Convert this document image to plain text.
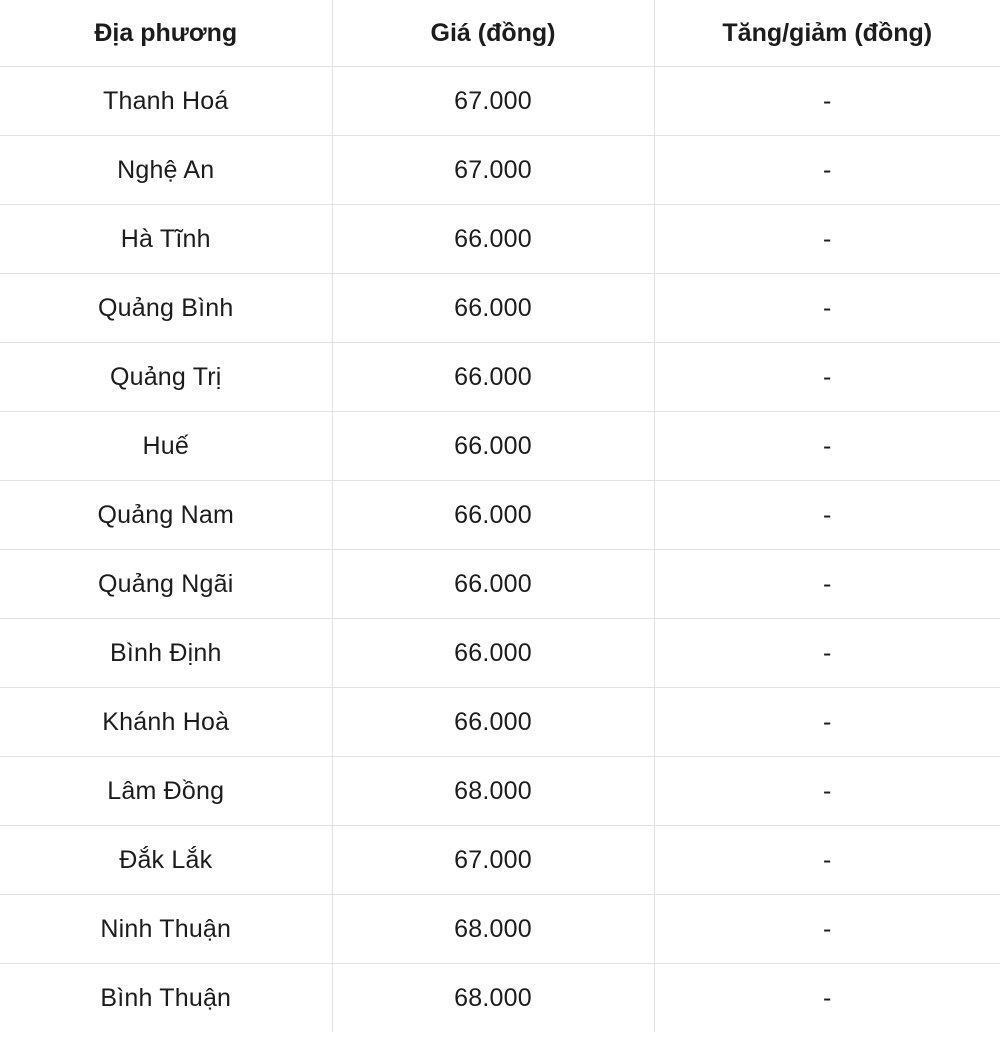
Địa phương	Giá (đồng)	Tăng/giảm (đồng)
Thanh Hoá	67.000	-
Nghệ An	67.000	-
Hà Tĩnh	66.000	-
Quảng Bình	66.000	-
Quảng Trị	66.000	-
Huế	66.000	-
Quảng Nam	66.000	-
Quảng Ngãi	66.000	-
Bình Định	66.000	-
Khánh Hoà	66.000	-
Lâm Đồng	68.000	-
Đắk Lắk	67.000	-
Ninh Thuận	68.000	-
Bình Thuận	68.000	-
